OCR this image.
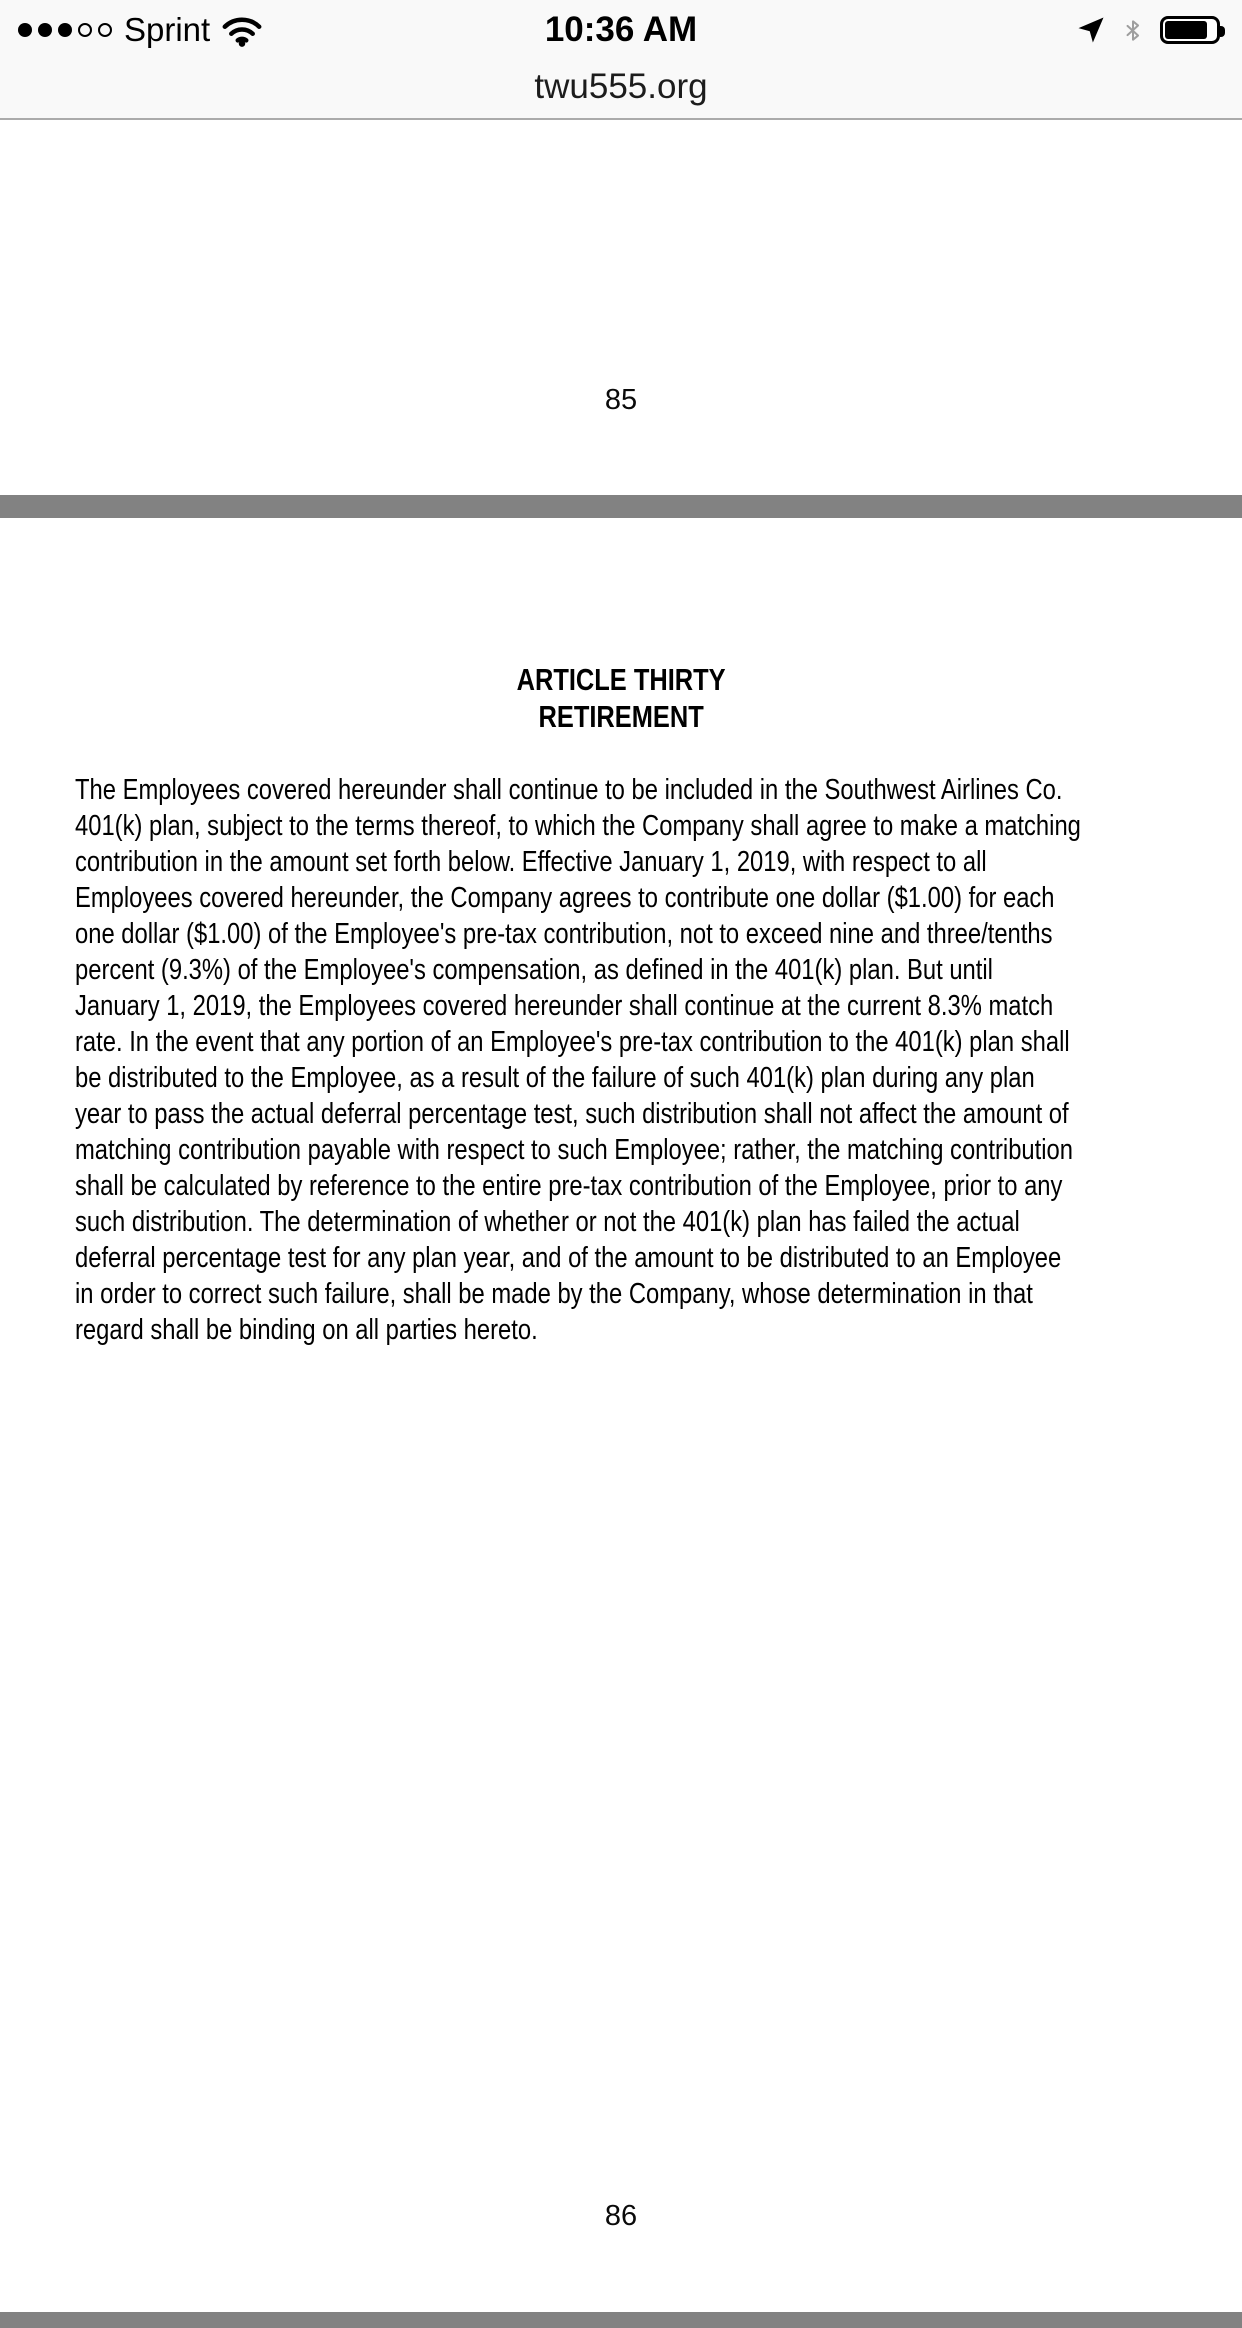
Sprint	10:36 AM
twu555.org
85
ARTICLE THIRTY
RETIREMENT
The Employees covered hereunder shall continue to be included in the Southwest Airlines Co.
401(k) plan, subject to the terms thereof, to which the Company shall agree to make a matching
contribution in the amount set forth below. Effective January 1, 2019, with respect to all
Employees covered hereunder, the Company agrees to contribute one dollar ($1.00) for each
one dollar ($1.00) of the Employee's pre-tax contribution, not to exceed nine and three/tenths
percent (9.3%) of the Employee's compensation, as defined in the 401(k) plan. But until
January 1, 2019, the Employees covered hereunder shall continue at the current 8.3% match
rate. In the event that any portion of an Employee's pre-tax contribution to the 401(k) plan shall
be distributed to the Employee, as a result of the failure of such 401(k) plan during any plan
year to pass the actual deferral percentage test, such distribution shall not affect the amount of
matching contribution payable with respect to such Employee; rather, the matching contribution
shall be calculated by reference to the entire pre-tax contribution of the Employee, prior to any
such distribution. The determination of whether or not the 401(k) plan has failed the actual
deferral percentage test for any plan year, and of the amount to be distributed to an Employee
in order to correct such failure, shall be made by the Company, whose determination in that
regard shall be binding on all parties hereto.
86
